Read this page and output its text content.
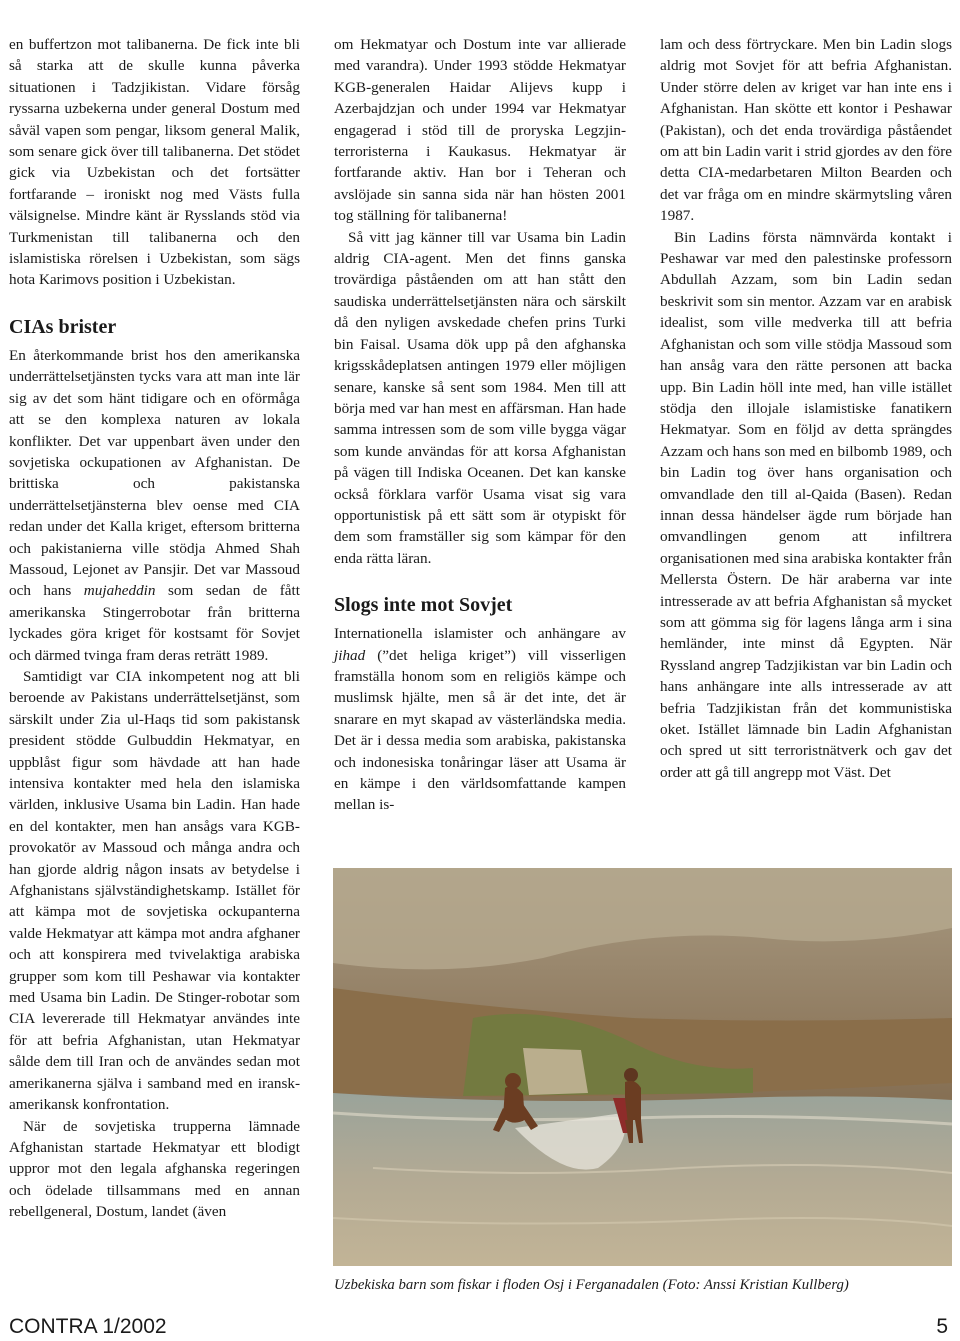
en buffertzon mot talibanerna. De fick inte bli så starka att de skulle kunna påverka situationen i Tadzjikistan. Vidare försåg ryssarna uzbekerna under general Dostum med såväl vapen som pengar, liksom general Malik, som senare gick över till talibanerna. Det stödet gick via Uzbekistan och det fortsätter fortfarande – ironiskt nog med Västs fulla välsignelse. Mindre känt är Rysslands stöd via Turkmenistan till talibanerna och den islamistiska rörelsen i Uzbekistan, som sägs hota Karimovs position i Uzbekistan.

CIAs brister

En återkommande brist hos den amerikanska underrättelsetjänsten tycks vara att man inte lär sig av det som hänt tidigare och en oförmåga att se den komplexa naturen av lokala konflikter. Det var uppenbart även under den sovjetiska ockupationen av Afghanistan. De brittiska och pakistanska underrättelsetjänsterna blev oense med CIA redan under det Kalla kriget, eftersom britterna och pakistanierna ville stödja Ahmed Shah Massoud, Lejonet av Pansjir. Det var Massoud och hans mujaheddin som sedan de fått amerikanska Stingerrobotar från britterna lyckades göra kriget för kostsamt för Sovjet och därmed tvinga fram deras reträtt 1989.

Samtidigt var CIA inkompetent nog att bli beroende av Pakistans underrättelsetjänst, som särskilt under Zia ul-Haqs tid som pakistansk president stödde Gulbuddin Hekmatyar, en uppblåst figur som hävdade att han hade intensiva kontakter med hela den islamiska världen, inklusive Usama bin Ladin. Han hade en del kontakter, men han ansågs vara KGB-provokatör av Massoud och många andra och han gjorde aldrig någon insats av betydelse i Afghanistans självständighetskamp. Istället för att kämpa mot de sovjetiska ockupanterna valde Hekmatyar att kämpa mot andra afghaner och att konspirera med tvivelaktiga arabiska grupper som kom till Peshawar via kontakter med Usama bin Ladin. De Stinger-robotar som CIA levererade till Hekmatyar användes inte för att befria Afghanistan, utan Hekmatyar sålde dem till Iran och de användes sedan mot amerikanerna själva i samband med en iransk-amerikansk konfrontation.

När de sovjetiska trupperna lämnade Afghanistan startade Hekmatyar ett blodigt uppror mot den legala afghanska regeringen och ödelade tillsammans med en annan rebellgeneral, Dostum, landet (även

om Hekmatyar och Dostum inte var allierade med varandra). Under 1993 stödde Hekmatyar KGB-generalen Haidar Alijevs kupp i Azerbajdzjan och under 1994 var Hekmatyar engagerad i stöd till de proryska Legzjin-terroristerna i Kaukasus. Hekmatyar är fortfarande aktiv. Han bor i Teheran och avslöjade sin sanna sida när han hösten 2001 tog ställning för talibanerna!

Så vitt jag känner till var Usama bin Ladin aldrig CIA-agent. Men det finns ganska trovärdiga påståenden om att han stått den saudiska underrättelsetjänsten nära och särskilt då den nyligen avskedade chefen prins Turki bin Faisal. Usama dök upp på den afghanska krigsskådeplatsen antingen 1979 eller möjligen senare, kanske så sent som 1984. Men till att börja med var han mest en affärsman. Han hade samma intressen som de som ville bygga vägar som kunde användas för att korsa Afghanistan på vägen till Indiska Oceanen. Det kan kanske också förklara varför Usama visat sig vara opportunistisk på ett sätt som är otypiskt för dem som framställer sig som kämpar för den enda rätta läran.

Slogs inte mot Sovjet

Internationella islamister och anhängare av jihad (”det heliga kriget”) vill visserligen framställa honom som en religiös kämpe och muslimsk hjälte, men så är det inte, det är snarare en myt skapad av västerländska media. Det är i dessa media som arabiska, pakistanska och indonesiska tonåringar läser att Usama är en kämpe i den världsomfattande kampen mellan is-

lam och dess förtryckare. Men bin Ladin slogs aldrig mot Sovjet för att befria Afghanistan. Under större delen av kriget var han inte ens i Afghanistan. Han skötte ett kontor i Peshawar (Pakistan), och det enda trovärdiga påståendet om att bin Ladin varit i strid gjordes av den före detta CIA-medarbetaren Milton Bearden och det var fråga om en mindre skärmytsling våren 1987.

Bin Ladins första nämnvärda kontakt i Peshawar var med den palestinske professorn Abdullah Azzam, som bin Ladin sedan beskrivit som sin mentor. Azzam var en arabisk idealist, som ville medverka till att befria Afghanistan och som ville stödja Massoud som han ansåg vara den rätte personen att backa upp. Bin Ladin höll inte med, han ville istället stödja den illojale islamistiske fanatikern Hekmatyar. Som en följd av detta sprängdes Azzam och hans son med en bilbomb 1989, och bin Ladin tog över hans organisation och omvandlade den till al-Qaida (Basen). Redan innan dessa händelser ägde rum började han omvandlingen genom att infiltrera organisationen med sina arabiska kontakter från Mellersta Östern. De här araberna var inte intresserade av att befria Afghanistan så mycket som att gömma sig för lagens långa arm i sina hemländer, inte minst då Egypten. När Ryssland angrep Tadzjikistan var bin Ladin och hans anhängare inte alls intresserade av att befria Tadzjikistan från det kommunistiska oket. Istället lämnade bin Ladin Afghanistan och spred ut sitt terroristnätverk och gav det order att gå till angrepp mot Väst. Det

Uzbekiska barn som fiskar i floden Osj i Ferganadalen (Foto: Anssi Kristian Kullberg)
CONTRA 1/2002	5
